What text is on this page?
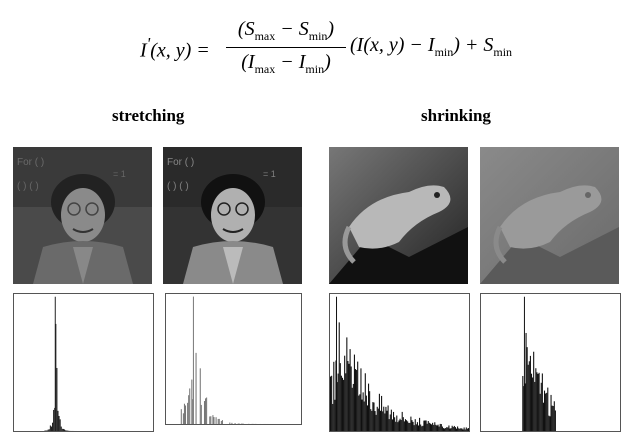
I'(x, y) =
$(S_{max} - S_{min})$
$(I_{max} - I_{min})$
(I(x, $y) - I_{min}) + S_{min}$
stretching	shrinking
For ( )
( ) ( )
= 1
For ( )
( ) ( )
= 1
